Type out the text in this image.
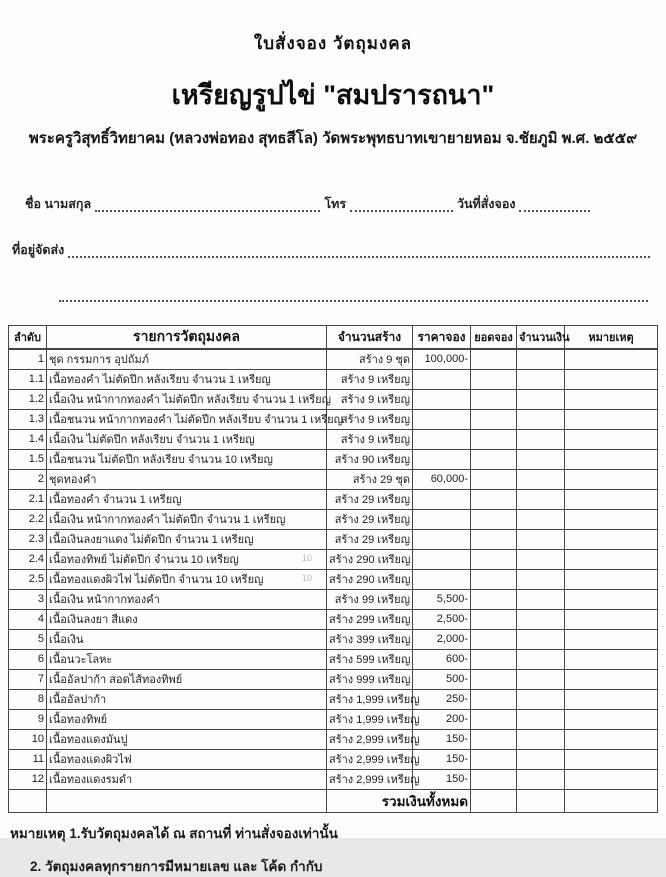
ใบสั่งจอง วัตถุมงคล
เหรียญรูปไข่ "สมปรารถนา"
พระครูวิสุทธิ์วิทยาคม (หลวงพ่อทอง สุทธสีโล) วัดพระพุทธบาทเขายายหอม จ.ชัยภูมิ พ.ศ. ๒๕๕๙
ชื่อ นามสกุล	โทร	วันที่สั่งจอง
ที่อยู่จัดส่ง
ลำดับ	รายการวัตถุมงคล	จำนวนสร้าง	ราคาจอง	ยอดจอง	จำนวนเงิน	หมายเหตุ
1	ชุด กรรมการ อุปถัมภ์	สร้าง 9 ชุด	100,000-			
1.1	เนื้อทองคำ ไม่ตัดปีก หลังเรียบ จำนวน 1 เหรียญ	สร้าง 9 เหรียญ				
1.2	เนื้อเงิน หน้ากากทองคำ ไม่ตัดปีก หลังเรียบ จำนวน 1 เหรียญ	สร้าง 9 เหรียญ				
1.3	เนื้อชนวน หน้ากากทองคำ ไม่ตัดปีก หลังเรียบ จำนวน 1 เหรียญ	สร้าง 9 เหรียญ				
1.4	เนื้อเงิน ไม่ตัดปีก หลังเรียบ จำนวน 1 เหรียญ	สร้าง 9 เหรียญ				
1.5	เนื้อชนวน ไม่ตัดปีก หลังเรียบ จำนวน 10 เหรียญ	สร้าง 90 เหรียญ				
2	ชุดทองคำ	สร้าง 29 ชุด	60,000-			
2.1	เนื้อทองคำ จำนวน 1 เหรียญ	สร้าง 29 เหรียญ				
2.2	เนื้อเงิน หน้ากากทองคำ ไม่ตัดปีก จำนวน 1 เหรียญ	สร้าง 29 เหรียญ				
2.3	เนื้อเงินลงยาแดง ไม่ตัดปีก จำนวน 1 เหรียญ	สร้าง 29 เหรียญ				
2.4	เนื้อทองทิพย์ ไม่ตัดปีก จำนวน 10 เหรียญ 10	สร้าง 290 เหรียญ				
2.5	เนื้อทองแดงผิวไฟ ไม่ตัดปีก จำนวน 10 เหรียญ 10	สร้าง 290 เหรียญ				
3	เนื้อเงิน หน้ากากทองคำ	สร้าง 99 เหรียญ	5,500-			
4	เนื้อเงินลงยา สีแดง	สร้าง 299 เหรียญ	2,500-			
5	เนื้อเงิน	สร้าง 399 เหรียญ	2,000-			
6	เนื้อนวะโลหะ	สร้าง 599 เหรียญ	600-			
7	เนื้ออัลปาก้า สอดไส้ทองทิพย์	สร้าง 999 เหรียญ	500-			
8	เนื้ออัลปาก้า	สร้าง 1,999 เหรียญ	250-			
9	เนื้อทองทิพย์	สร้าง 1,999 เหรียญ	200-			
10	เนื้อทองแดงมันปู	สร้าง 2,999 เหรียญ	150-			
11	เนื้อทองแดงผิวไฟ	สร้าง 2,999 เหรียญ	150-			
12	เนื้อทองแดงรมดำ	สร้าง 2,999 เหรียญ	150-			
		รวมเงินทั้งหมด				
หมายเหตุ 1.รับวัตถุมงคลได้ ณ สถานที่ ท่านสั่งจองเท่านั้น
2. วัตถุมงคลทุกรายการมีหมายเลข และ โค้ด กำกับ
